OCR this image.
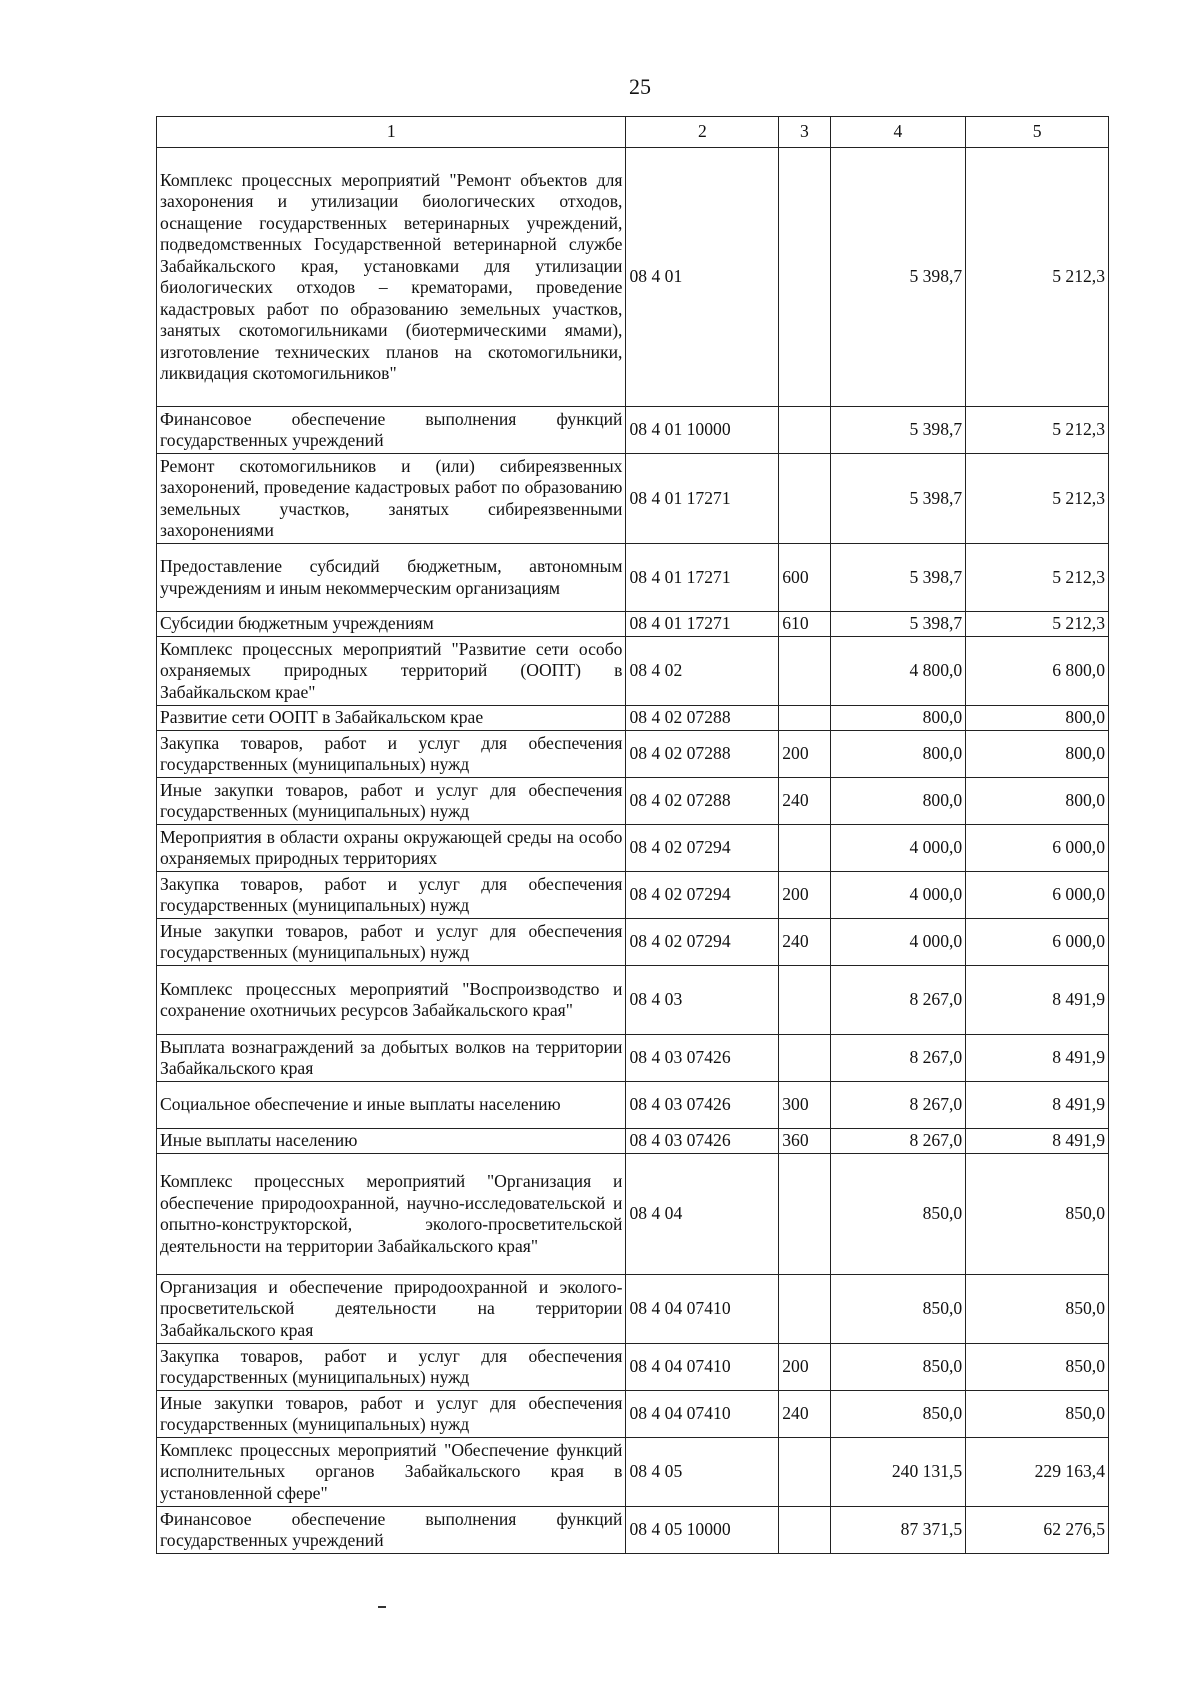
25
1	2	3	4	5
Комплекс процессных мероприятий "Ремонт объектов для захоронения и утилизации биологических отходов, оснащение государственных ветеринарных учреждений, подведомственных Государственной ветеринарной службе Забайкальского края, установками для утилизации биологических отходов – крематорами, проведение кадастровых работ по образованию земельных участков, занятых скотомогильниками (биотермическими ямами), изготовление технических планов на скотомогильники, ликвидация скотомогильников"	08 4 01		5 398,7	5 212,3
Финансовое обеспечение выполнения функций государственных учреждений	08 4 01 10000		5 398,7	5 212,3
Ремонт скотомогильников и (или) сибиреязвенных захоронений, проведение кадастровых работ по образованию земельных участков, занятых сибиреязвенными захоронениями	08 4 01 17271		5 398,7	5 212,3
Предоставление субсидий бюджетным, автономным учреждениям и иным некоммерческим организациям	08 4 01 17271	600	5 398,7	5 212,3
Субсидии бюджетным учреждениям	08 4 01 17271	610	5 398,7	5 212,3
Комплекс процессных мероприятий "Развитие сети особо охраняемых природных территорий (ООПТ) в Забайкальском крае"	08 4 02		4 800,0	6 800,0
Развитие сети ООПТ в Забайкальском крае	08 4 02 07288		800,0	800,0
Закупка товаров, работ и услуг для обеспечения государственных (муниципальных) нужд	08 4 02 07288	200	800,0	800,0
Иные закупки товаров, работ и услуг для обеспечения государственных (муниципальных) нужд	08 4 02 07288	240	800,0	800,0
Мероприятия в области охраны окружающей среды на особо охраняемых природных территориях	08 4 02 07294		4 000,0	6 000,0
Закупка товаров, работ и услуг для обеспечения государственных (муниципальных) нужд	08 4 02 07294	200	4 000,0	6 000,0
Иные закупки товаров, работ и услуг для обеспечения государственных (муниципальных) нужд	08 4 02 07294	240	4 000,0	6 000,0
Комплекс процессных мероприятий "Воспроизводство и сохранение охотничьих ресурсов Забайкальского края"	08 4 03		8 267,0	8 491,9
Выплата вознаграждений за добытых волков на территории Забайкальского края	08 4 03 07426		8 267,0	8 491,9
Социальное обеспечение и иные выплаты населению	08 4 03 07426	300	8 267,0	8 491,9
Иные выплаты населению	08 4 03 07426	360	8 267,0	8 491,9
Комплекс процессных мероприятий "Организация и обеспечение природоохранной, научно-исследовательской и опытно-конструкторской, эколого-просветительской деятельности на территории Забайкальского края"	08 4 04		850,0	850,0
Организация и обеспечение природоохранной и эколого-просветительской деятельности на территории Забайкальского края	08 4 04 07410		850,0	850,0
Закупка товаров, работ и услуг для обеспечения государственных (муниципальных) нужд	08 4 04 07410	200	850,0	850,0
Иные закупки товаров, работ и услуг для обеспечения государственных (муниципальных) нужд	08 4 04 07410	240	850,0	850,0
Комплекс процессных мероприятий "Обеспечение функций исполнительных органов Забайкальского края в установленной сфере"	08 4 05		240 131,5	229 163,4
Финансовое обеспечение выполнения функций государственных учреждений	08 4 05 10000		87 371,5	62 276,5
